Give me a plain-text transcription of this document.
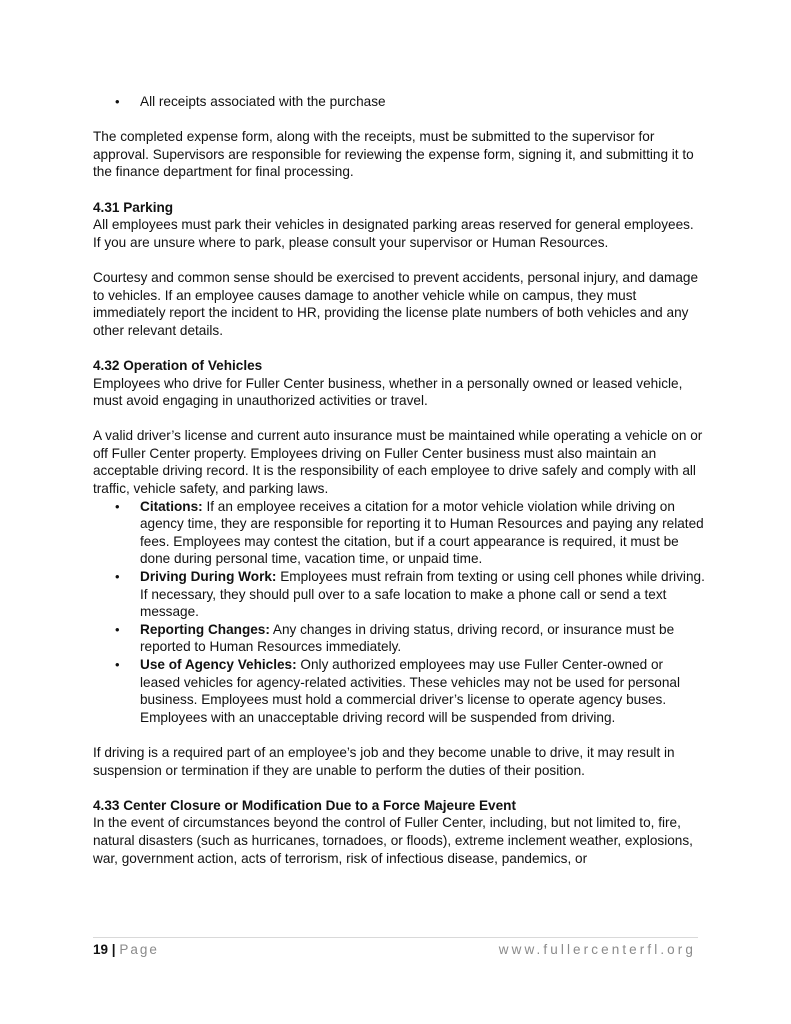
• All receipts associated with the purchase

The completed expense form, along with the receipts, must be submitted to the supervisor for approval. Supervisors are responsible for reviewing the expense form, signing it, and submitting it to the finance department for final processing.

4.31 Parking

All employees must park their vehicles in designated parking areas reserved for general employees. If you are unsure where to park, please consult your supervisor or Human Resources.

Courtesy and common sense should be exercised to prevent accidents, personal injury, and damage to vehicles. If an employee causes damage to another vehicle while on campus, they must immediately report the incident to HR, providing the license plate numbers of both vehicles and any other relevant details.

4.32 Operation of Vehicles

Employees who drive for Fuller Center business, whether in a personally owned or leased vehicle, must avoid engaging in unauthorized activities or travel.

A valid driver’s license and current auto insurance must be maintained while operating a vehicle on or off Fuller Center property. Employees driving on Fuller Center business must also maintain an acceptable driving record. It is the responsibility of each employee to drive safely and comply with all traffic, vehicle safety, and parking laws.

• Citations: If an employee receives a citation for a motor vehicle violation while driving on agency time, they are responsible for reporting it to Human Resources and paying any related fees. Employees may contest the citation, but if a court appearance is required, it must be done during personal time, vacation time, or unpaid time.
• Driving During Work: Employees must refrain from texting or using cell phones while driving. If necessary, they should pull over to a safe location to make a phone call or send a text message.
• Reporting Changes: Any changes in driving status, driving record, or insurance must be reported to Human Resources immediately.
• Use of Agency Vehicles: Only authorized employees may use Fuller Center-owned or leased vehicles for agency-related activities. These vehicles may not be used for personal business. Employees must hold a commercial driver’s license to operate agency buses. Employees with an unacceptable driving record will be suspended from driving.

If driving is a required part of an employee’s job and they become unable to drive, it may result in suspension or termination if they are unable to perform the duties of their position.

4.33 Center Closure or Modification Due to a Force Majeure Event

In the event of circumstances beyond the control of Fuller Center, including, but not limited to, fire, natural disasters (such as hurricanes, tornadoes, or floods), extreme inclement weather, explosions, war, government action, acts of terrorism, risk of infectious disease, pandemics, or

19 | Page	www.fullercenterfl.org
